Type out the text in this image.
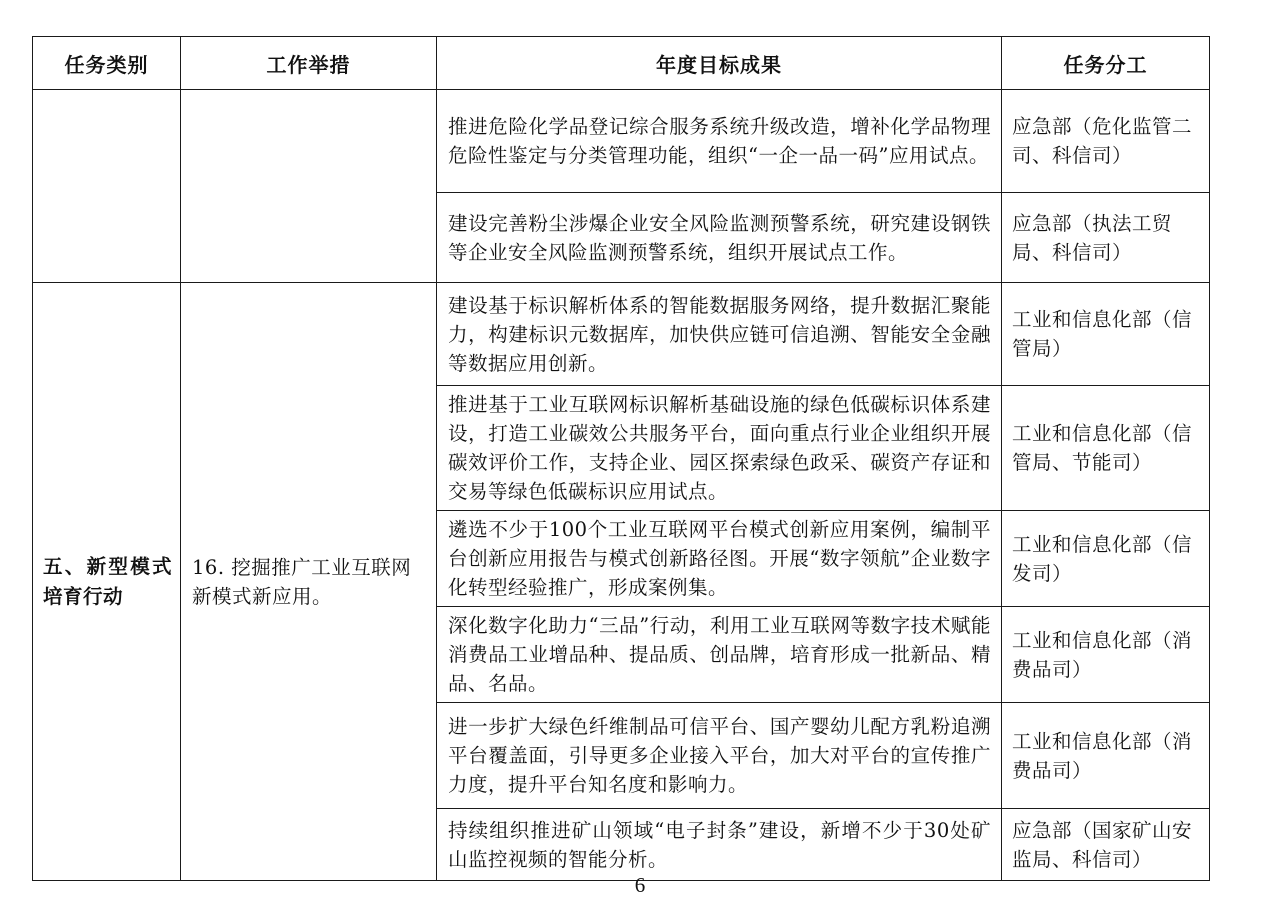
任务类别	工作举措	年度目标成果	任务分工

		推进危险化学品登记综合服务系统升级改造，增补化学品物理危险性鉴定与分类管理功能，组织“一企一品一码”应用试点。	应急部（危化监管二司、科信司）

		建设完善粉尘涉爆企业安全风险监测预警系统，研究建设钢铁等企业安全风险监测预警系统，组织开展试点工作。	应急部（执法工贸局、科信司）

五、新型模式培育行动	16. 挖掘推广工业互联网新模式新应用。	建设基于标识解析体系的智能数据服务网络，提升数据汇聚能力，构建标识元数据库，加快供应链可信追溯、智能安全金融等数据应用创新。	工业和信息化部（信管局）

		推进基于工业互联网标识解析基础设施的绿色低碳标识体系建设，打造工业碳效公共服务平台，面向重点行业企业组织开展碳效评价工作，支持企业、园区探索绿色政采、碳资产存证和交易等绿色低碳标识应用试点。	工业和信息化部（信管局、节能司）

		遴选不少于100个工业互联网平台模式创新应用案例，编制平台创新应用报告与模式创新路径图。开展“数字领航”企业数字化转型经验推广，形成案例集。	工业和信息化部（信发司）

		深化数字化助力“三品”行动，利用工业互联网等数字技术赋能消费品工业增品种、提品质、创品牌，培育形成一批新品、精品、名品。	工业和信息化部（消费品司）

		进一步扩大绿色纤维制品可信平台、国产婴幼儿配方乳粉追溯平台覆盖面，引导更多企业接入平台，加大对平台的宣传推广力度，提升平台知名度和影响力。	工业和信息化部（消费品司）

		持续组织推进矿山领域“电子封条”建设，新增不少于30处矿山监控视频的智能分析。	应急部（国家矿山安监局、科信司）
6
